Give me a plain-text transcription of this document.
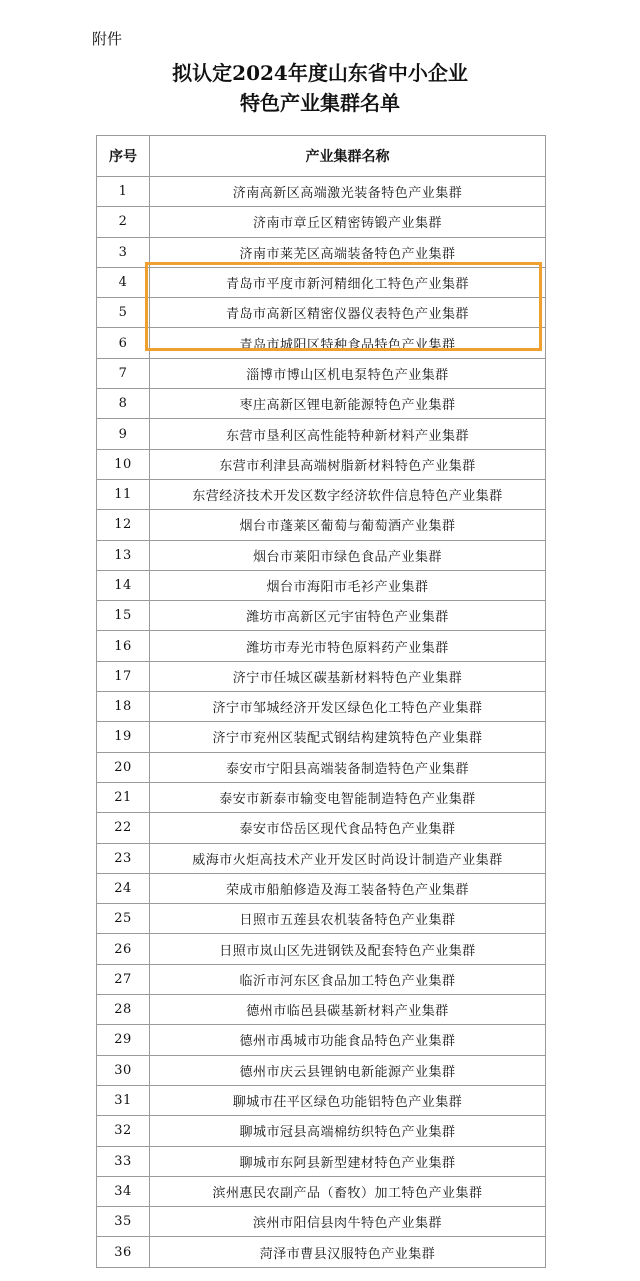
附件
拟认定2024年度山东省中小企业
特色产业集群名单
序号	产业集群名称
1	济南高新区高端激光装备特色产业集群
2	济南市章丘区精密铸锻产业集群
3	济南市莱芜区高端装备特色产业集群
4	青岛市平度市新河精细化工特色产业集群
5	青岛市高新区精密仪器仪表特色产业集群
6	青岛市城阳区特种食品特色产业集群
7	淄博市博山区机电泵特色产业集群
8	枣庄高新区锂电新能源特色产业集群
9	东营市垦利区高性能特种新材料产业集群
10	东营市利津县高端树脂新材料特色产业集群
11	东营经济技术开发区数字经济软件信息特色产业集群
12	烟台市蓬莱区葡萄与葡萄酒产业集群
13	烟台市莱阳市绿色食品产业集群
14	烟台市海阳市毛衫产业集群
15	潍坊市高新区元宇宙特色产业集群
16	潍坊市寿光市特色原料药产业集群
17	济宁市任城区碳基新材料特色产业集群
18	济宁市邹城经济开发区绿色化工特色产业集群
19	济宁市兖州区装配式钢结构建筑特色产业集群
20	泰安市宁阳县高端装备制造特色产业集群
21	泰安市新泰市输变电智能制造特色产业集群
22	泰安市岱岳区现代食品特色产业集群
23	威海市火炬高技术产业开发区时尚设计制造产业集群
24	荣成市船舶修造及海工装备特色产业集群
25	日照市五莲县农机装备特色产业集群
26	日照市岚山区先进钢铁及配套特色产业集群
27	临沂市河东区食品加工特色产业集群
28	德州市临邑县碳基新材料产业集群
29	德州市禹城市功能食品特色产业集群
30	德州市庆云县锂钠电新能源产业集群
31	聊城市茌平区绿色功能铝特色产业集群
32	聊城市冠县高端棉纺织特色产业集群
33	聊城市东阿县新型建材特色产业集群
34	滨州惠民农副产品（畜牧）加工特色产业集群
35	滨州市阳信县肉牛特色产业集群
36	菏泽市曹县汉服特色产业集群
